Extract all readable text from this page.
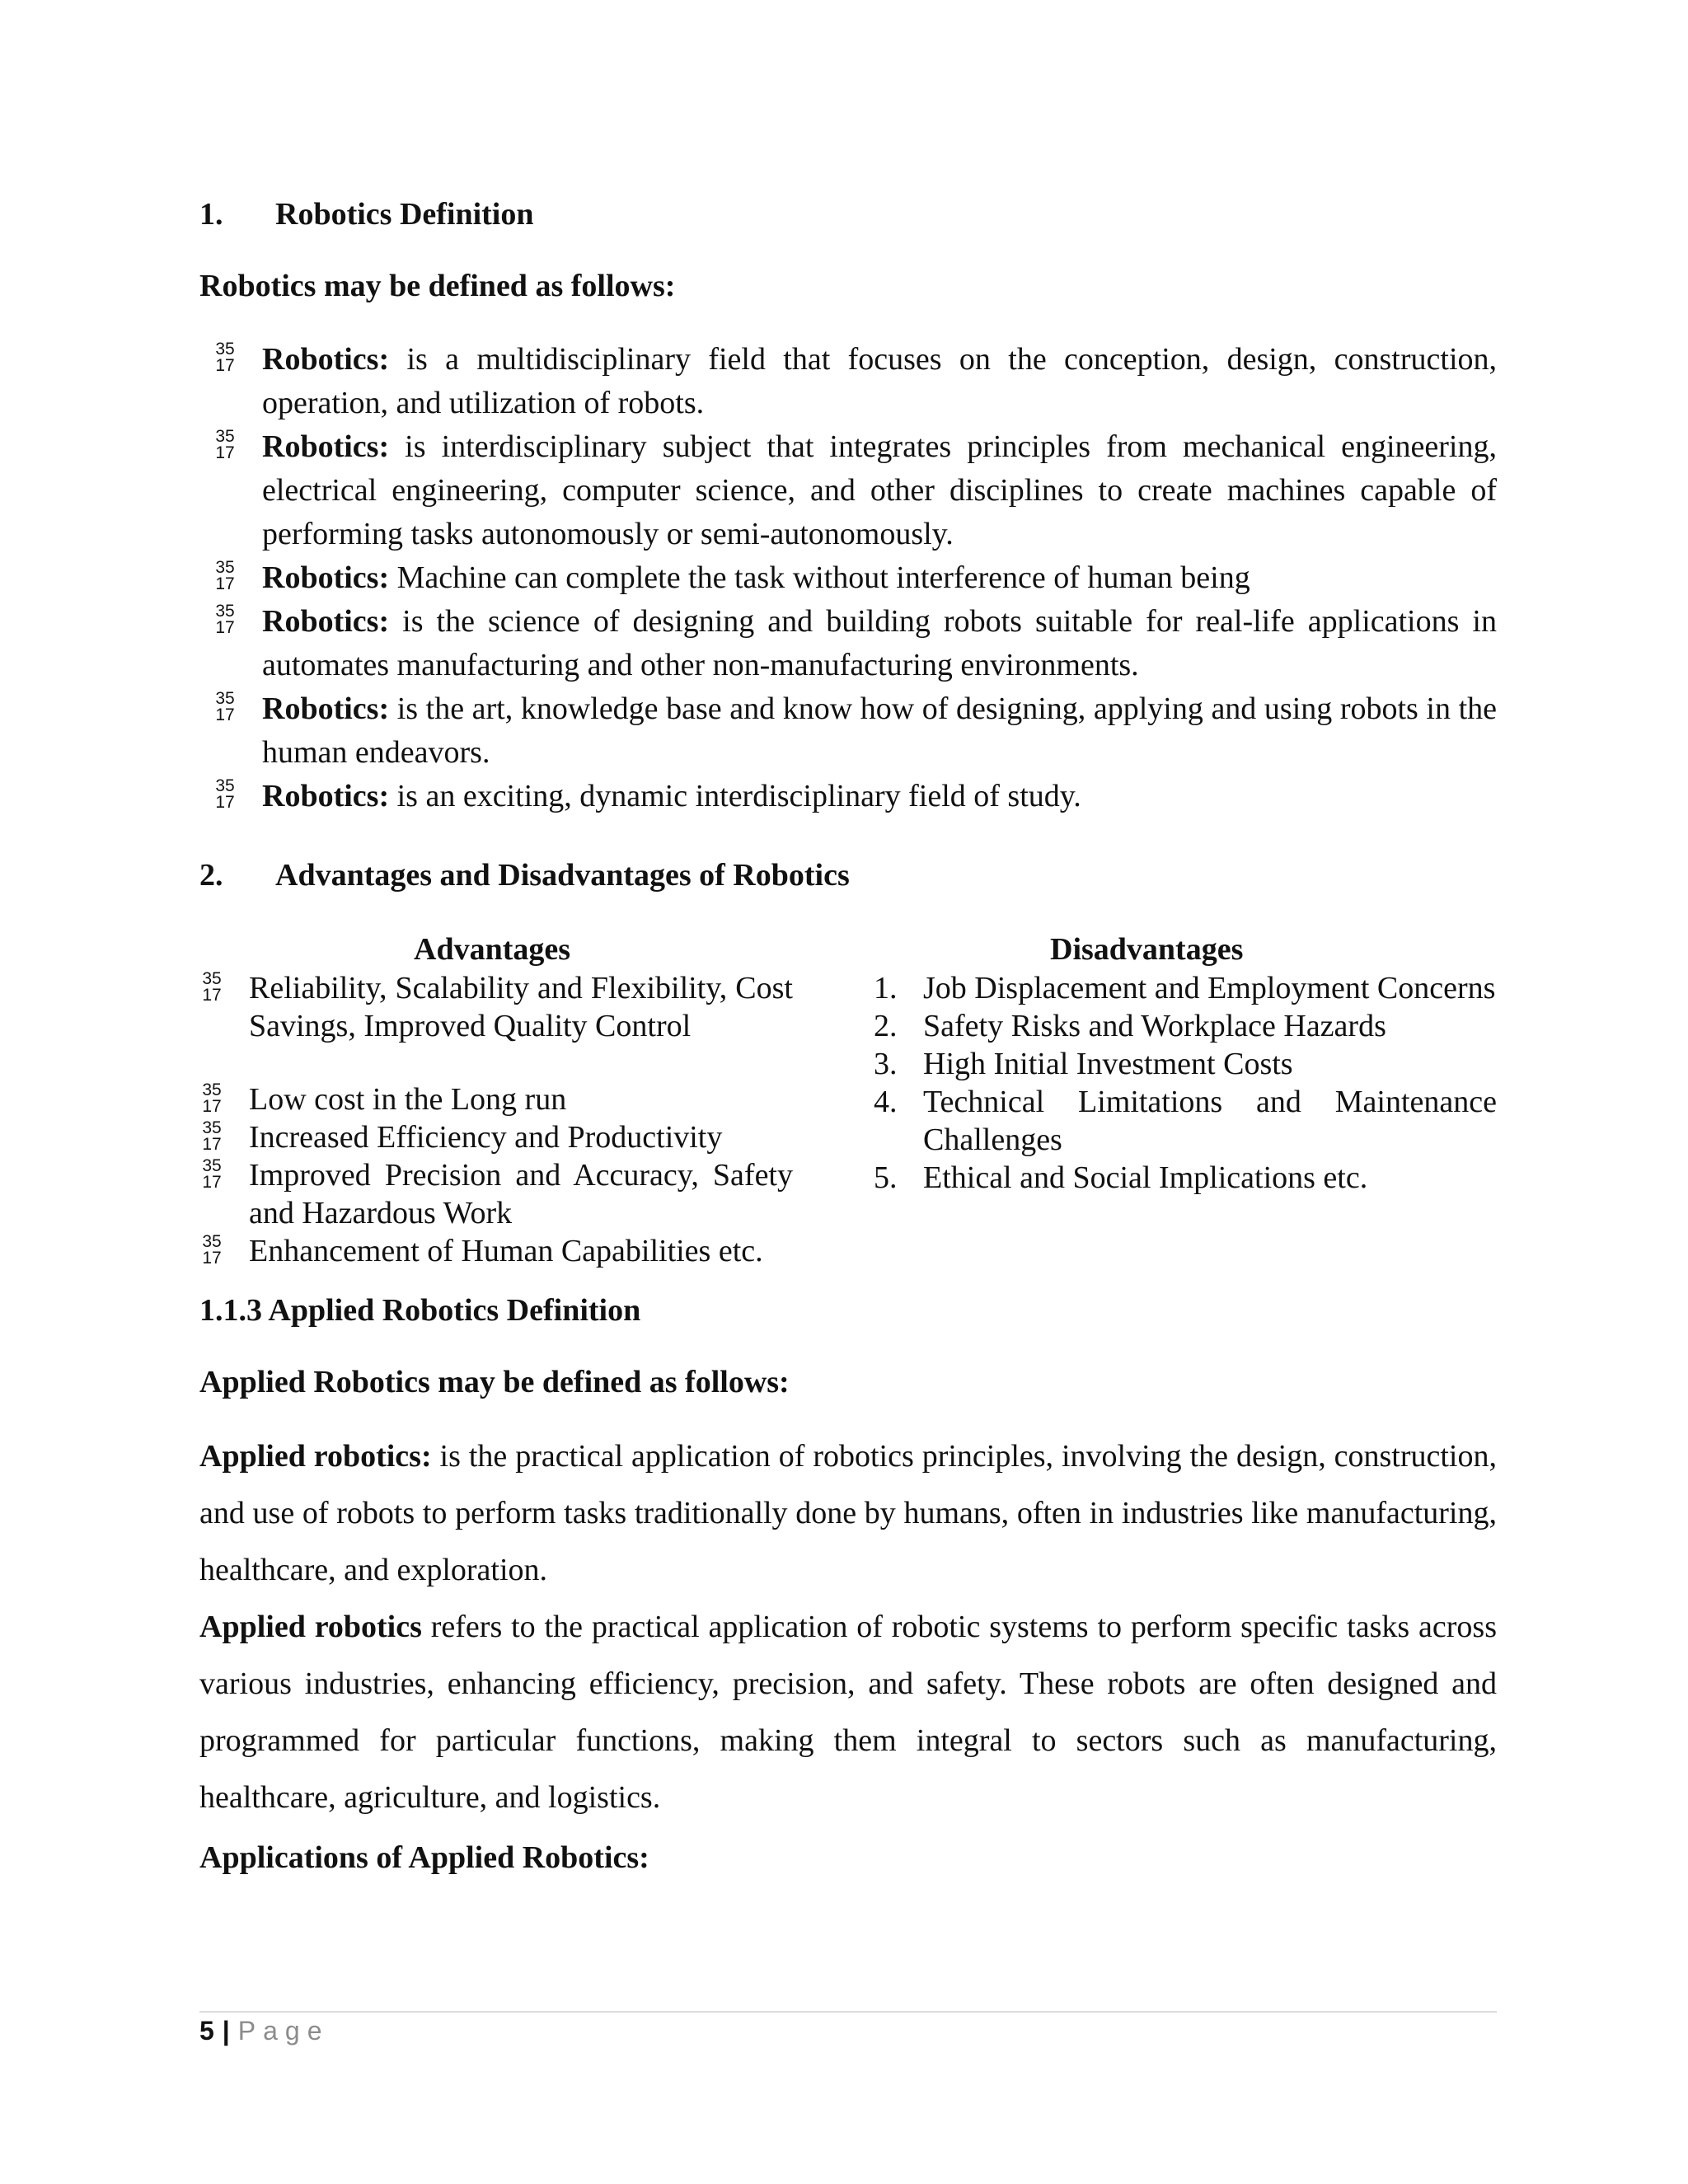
1. Robotics Definition
Robotics may be defined as follows:
35
17 Robotics: is a multidisciplinary field that focuses on the conception, design, construction, operation, and utilization of robots.
35
17 Robotics: is interdisciplinary subject that integrates principles from mechanical engineering, electrical engineering, computer science, and other disciplines to create machines capable of performing tasks autonomously or semi-autonomously.
35
17 Robotics: Machine can complete the task without interference of human being
35
17 Robotics: is the science of designing and building robots suitable for real-life applications in automates manufacturing and other non-manufacturing environments.
35
17 Robotics: is the art, knowledge base and know how of designing, applying and using robots in the human endeavors.
35
17 Robotics: is an exciting, dynamic interdisciplinary field of study.
2. Advantages and Disadvantages of Robotics
Advantages	Disadvantages
35
17 Reliability, Scalability and Flexibility, Cost Savings, Improved Quality Control
35
17 Low cost in the Long run
35
17 Increased Efficiency and Productivity
35
17 Improved Precision and Accuracy, Safety and Hazardous Work
35
17 Enhancement of Human Capabilities etc.
1. Job Displacement and Employment Concerns
2. Safety Risks and Workplace Hazards
3. High Initial Investment Costs
4. Technical Limitations and Maintenance Challenges
5. Ethical and Social Implications etc.
1.1.3 Applied Robotics Definition
Applied Robotics may be defined as follows:

Applied robotics: is the practical application of robotics principles, involving the design, construction, and use of robots to perform tasks traditionally done by humans, often in industries like manufacturing, healthcare, and exploration.

Applied robotics refers to the practical application of robotic systems to perform specific tasks across various industries, enhancing efficiency, precision, and safety. These robots are often designed and programmed for particular functions, making them integral to sectors such as manufacturing, healthcare, agriculture, and logistics.

Applications of Applied Robotics:
5 | Page
